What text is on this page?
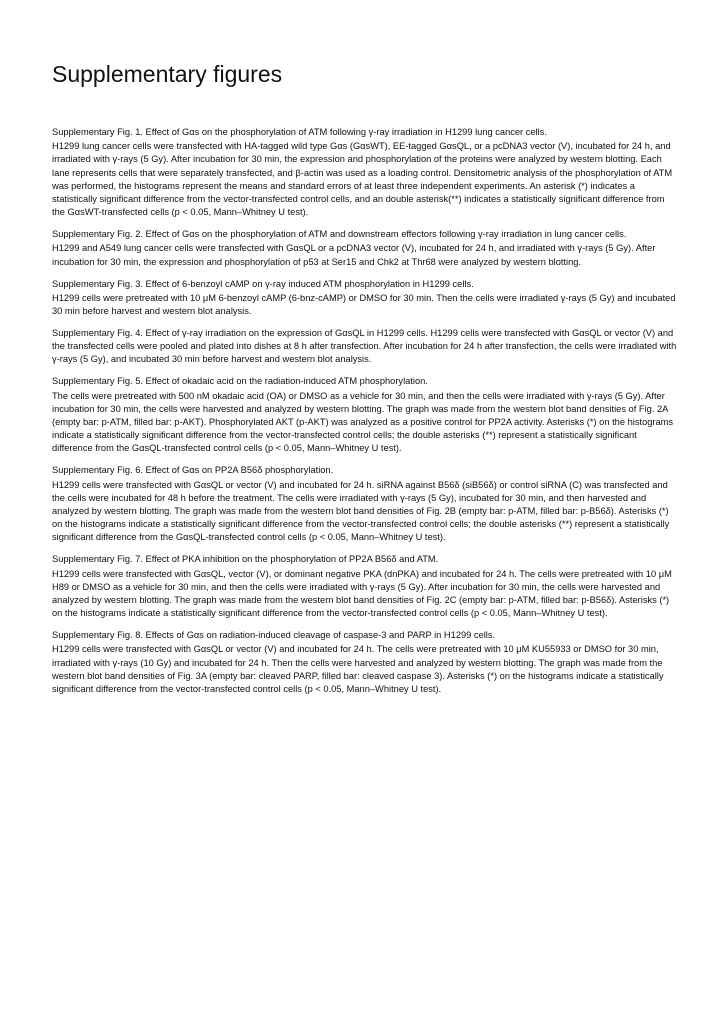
Supplementary figures

Supplementary Fig. 1. Effect of Gαs on the phosphorylation of ATM following γ-ray irradiation in H1299 lung cancer cells.

H1299 lung cancer cells were transfected with HA-tagged wild type Gαs (GαsWT), EE-tagged GαsQL, or a pcDNA3 vector (V), incubated for 24 h, and irradiated with γ-rays (5 Gy). After incubation for 30 min, the expression and phosphorylation of the proteins were analyzed by western blotting. Each lane represents cells that were separately transfected, and β-actin was used as a loading control. Densitometric analysis of the phosphorylation of ATM was performed, the histograms represent the means and standard errors of at least three independent experiments. An asterisk (*) indicates a statistically significant difference from the vector-transfected control cells, and an double asterisk(**) indicates a statistically significant difference from the GαsWT-transfected cells (p < 0.05, Mann–Whitney U test).

Supplementary Fig. 2. Effect of Gαs on the phosphorylation of ATM and downstream effectors following γ-ray irradiation in lung cancer cells.

H1299 and A549 lung cancer cells were transfected with GαsQL or a pcDNA3 vector (V), incubated for 24 h, and irradiated with γ-rays (5 Gy). After incubation for 30 min, the expression and phosphorylation of p53 at Ser15 and Chk2 at Thr68 were analyzed by western blotting.

Supplementary Fig. 3. Effect of 6-benzoyl cAMP on γ-ray induced ATM phosphorylation in H1299 cells.

H1299 cells were pretreated with 10 μM 6-benzoyl cAMP (6-bnz-cAMP) or DMSO for 30 min. Then the cells were irradiated γ-rays (5 Gy) and incubated 30 min before harvest and western blot analysis.

Supplementary Fig. 4. Effect of γ-ray irradiation on the expression of GαsQL in H1299 cells. H1299 cells were transfected with GαsQL or vector (V) and the transfected cells were pooled and plated into dishes at 8 h after transfection. After incubation for 24 h after transfection, the cells were irradiated with γ-rays (5 Gy), and incubated 30 min before harvest and western blot analysis.

Supplementary Fig. 5. Effect of okadaic acid on the radiation-induced ATM phosphorylation.

The cells were pretreated with 500 nM okadaic acid (OA) or DMSO as a vehicle for 30 min, and then the cells were irradiated with γ-rays (5 Gy). After incubation for 30 min, the cells were harvested and analyzed by western blotting. The graph was made from the western blot band densities of Fig. 2A (empty bar: p-ATM, filled bar: p-AKT). Phosphorylated AKT (p-AKT) was analyzed as a positive control for PP2A activity. Asterisks (*) on the histograms indicate a statistically significant difference from the vector-transfected control cells; the double asterisks (**) represent a statistically significant difference from the GαsQL-transfected control cells (p < 0.05, Mann–Whitney U test).

Supplementary Fig. 6. Effect of Gαs on PP2A B56δ phosphorylation.

H1299 cells were transfected with GαsQL or vector (V) and incubated for 24 h. siRNA against B56δ (siB56δ) or control siRNA (C) was transfected and the cells were incubated for 48 h before the treatment. The cells were irradiated with γ-rays (5 Gy), incubated for 30 min, and then harvested and analyzed by western blotting. The graph was made from the western blot band densities of Fig. 2B (empty bar: p-ATM, filled bar: p-B56δ). Asterisks (*) on the histograms indicate a statistically significant difference from the vector-transfected control cells; the double asterisks (**) represent a statistically significant difference from the GαsQL-transfected control cells (p < 0.05, Mann–Whitney U test).

Supplementary Fig. 7. Effect of PKA inhibition on the phosphorylation of PP2A B56δ and ATM.

H1299 cells were transfected with GαsQL, vector (V), or dominant negative PKA (dnPKA) and incubated for 24 h. The cells were pretreated with 10 μM H89 or DMSO as a vehicle for 30 min, and then the cells were irradiated with γ-rays (5 Gy). After incubation for 30 min, the cells were harvested and analyzed by western blotting. The graph was made from the western blot band densities of Fig. 2C (empty bar: p-ATM, filled bar: p-B56δ). Asterisks (*) on the histograms indicate a statistically significant difference from the vector-transfected control cells (p < 0.05, Mann–Whitney U test).

Supplementary Fig. 8. Effects of Gαs on radiation-induced cleavage of caspase-3 and PARP in H1299 cells.

H1299 cells were transfected with GαsQL or vector (V) and incubated for 24 h. The cells were pretreated with 10 μM KU55933 or DMSO for 30 min, irradiated with γ-rays (10 Gy) and incubated for 24 h. Then the cells were harvested and analyzed by western blotting. The graph was made from the western blot band densities of Fig. 3A (empty bar: cleaved PARP, filled bar: cleaved caspase 3). Asterisks (*) on the histograms indicate a statistically significant difference from the vector-transfected control cells (p < 0.05, Mann–Whitney U test).
